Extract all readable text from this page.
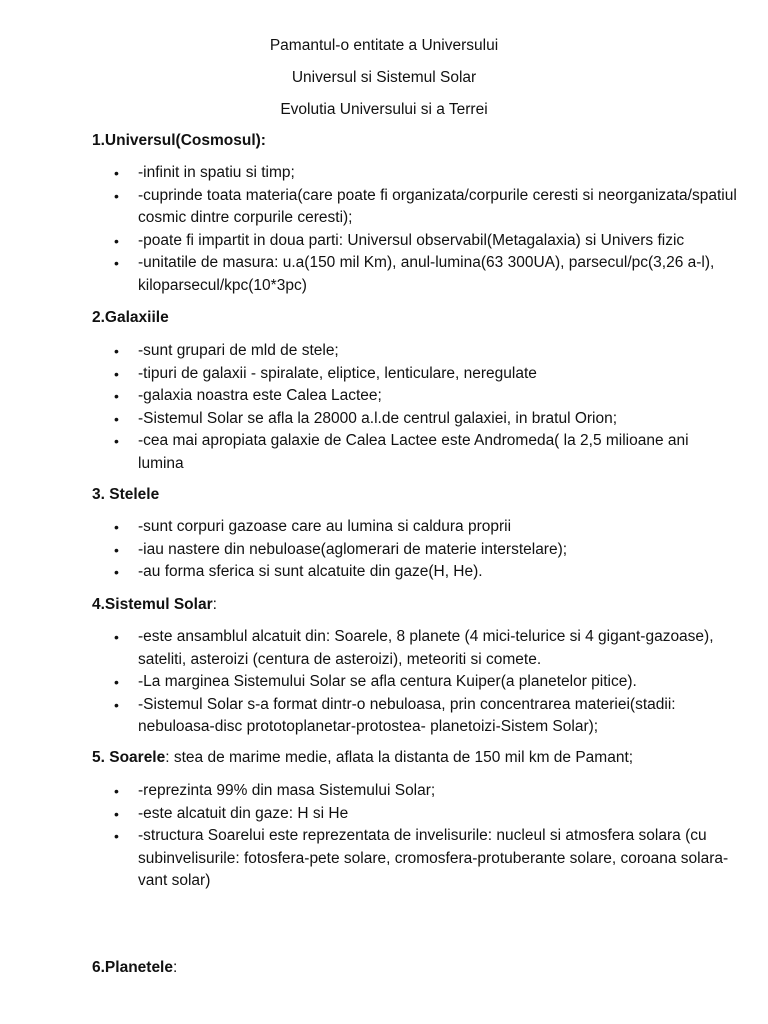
Pamantul-o entitate a Universului
Universul si Sistemul Solar
Evolutia Universului si a Terrei
1.Universul(Cosmosul):
• -infinit in spatiu si timp;
• -cuprinde toata materia(care poate fi organizata/corpurile ceresti si neorganizata/spatiul cosmic dintre corpurile ceresti);
• -poate fi impartit in doua parti: Universul observabil(Metagalaxia) si Univers fizic
• -unitatile de masura: u.a(150 mil Km), anul-lumina(63 300UA), parsecul/pc(3,26 a-l), kiloparsecul/kpc(10*3pc)
2.Galaxiile
• -sunt grupari de mld de stele;
• -tipuri de galaxii - spiralate, eliptice, lenticulare, neregulate
• -galaxia noastra este Calea Lactee;
• -Sistemul Solar se afla la 28000 a.l.de centrul galaxiei, in bratul Orion;
• -cea mai apropiata galaxie de Calea Lactee este Andromeda( la 2,5 milioane ani lumina
3. Stelele
• -sunt corpuri gazoase care au lumina si caldura proprii
• -iau nastere din nebuloase(aglomerari de materie interstelare);
• -au forma sferica si sunt alcatuite din gaze(H, He).
4.Sistemul Solar:
• -este ansamblul alcatuit din: Soarele, 8 planete (4 mici-telurice si 4 gigant-gazoase), sateliti, asteroizi (centura de asteroizi), meteoriti si comete.
• -La marginea Sistemului Solar se afla centura Kuiper(a planetelor pitice).
• -Sistemul Solar s-a format dintr-o nebuloasa, prin concentrarea materiei(stadii: nebuloasa-disc prototoplanetar-protostea- planetoizi-Sistem Solar);
5. Soarele: stea de marime medie, aflata la distanta de 150 mil km de Pamant;
• -reprezinta 99% din masa Sistemului Solar;
• -este alcatuit din gaze: H si He
• -structura Soarelui este reprezentata de invelisurile: nucleul si atmosfera solara (cu subinvelisurile: fotosfera-pete solare, cromosfera-protuberante solare, coroana solara-vant solar)
6.Planetele:
